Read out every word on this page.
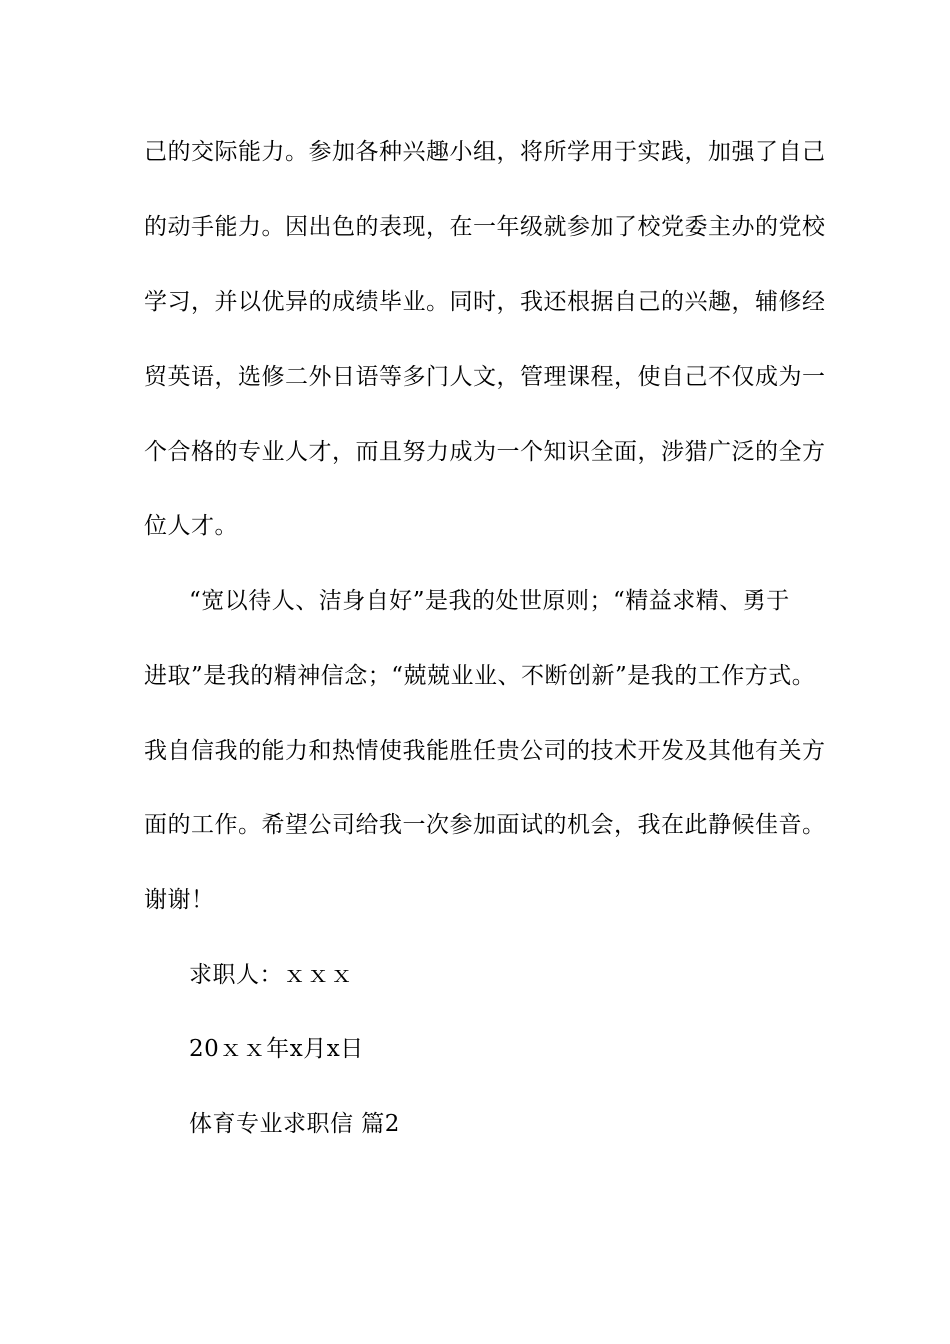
己的交际能力。参加各种兴趣小组，将所学用于实践，加强了自己
的动手能力。因出色的表现，在一年级就参加了校党委主办的党校
学习，并以优异的成绩毕业。同时，我还根据自己的兴趣，辅修经
贸英语，选修二外日语等多门人文，管理课程，使自己不仅成为一
个合格的专业人才，而且努力成为一个知识全面，涉猎广泛的全方
位人才。
“宽以待人、洁身自好”是我的处世原则；“精益求精、勇于
进取”是我的精神信念；“兢兢业业、不断创新”是我的工作方式。
我自信我的能力和热情使我能胜任贵公司的技术开发及其他有关方
面的工作。希望公司给我一次参加面试的机会，我在此静候佳音。
谢谢！
求职人：ｘｘｘ
20ｘｘ年x月x日
体育专业求职信 篇2
